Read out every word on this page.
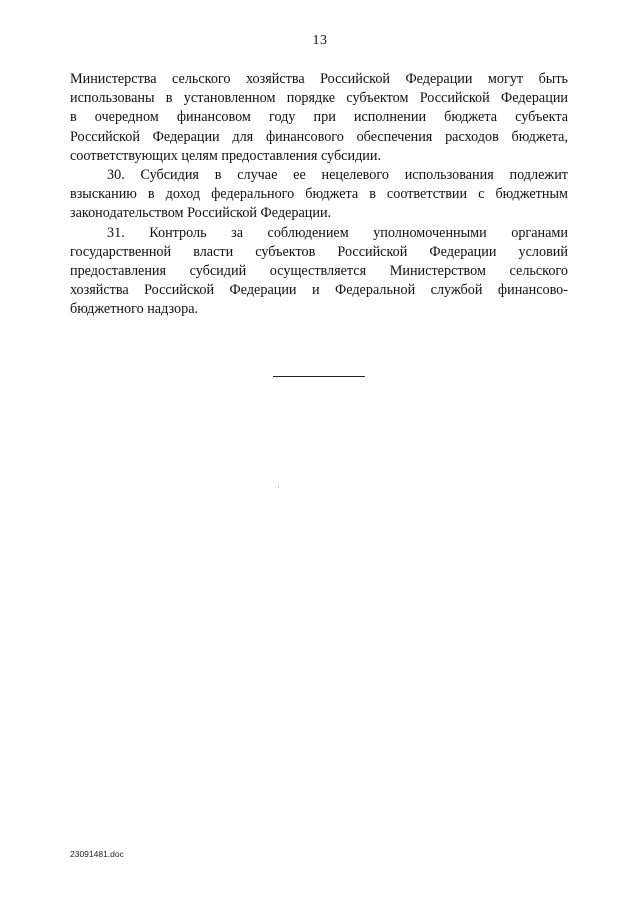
13
Министерства сельского хозяйства Российской Федерации могут быть
использованы в установленном порядке субъектом Российской Федерации
в очередном финансовом году при исполнении бюджета субъекта
Российской Федерации для финансового обеспечения расходов бюджета,
соответствующих целям предоставления субсидии.
30. Субсидия в случае ее нецелевого использования подлежит
взысканию в доход федерального бюджета в соответствии с бюджетным
законодательством Российской Федерации.
31. Контроль за соблюдением уполномоченными органами
государственной власти субъектов Российской Федерации условий
предоставления субсидий осуществляется Министерством сельского
хозяйства Российской Федерации и Федеральной службой финансово-
бюджетного надзора.
23091481.doc
